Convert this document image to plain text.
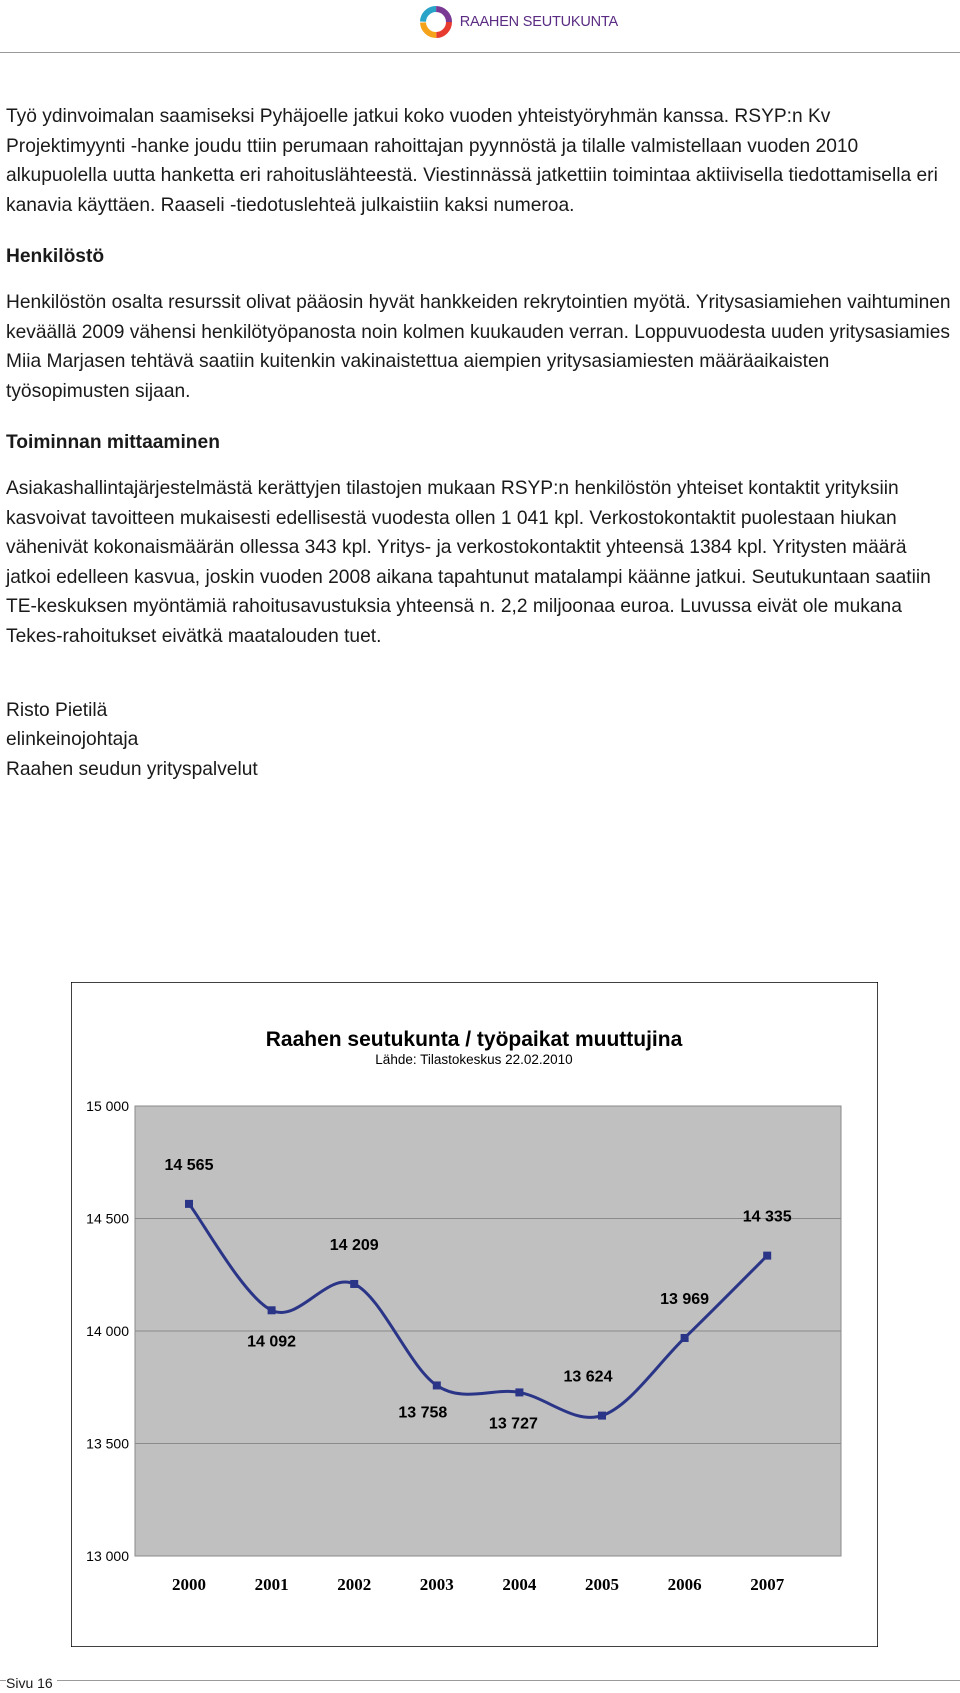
RAAHEN SEUTUKUNTA

Työ ydinvoimalan saamiseksi Pyhäjoelle jatkui koko vuoden yhteistyöryhmän kanssa. RSYP:n Kv Projektimyynti -hanke joudu ttiin perumaan rahoittajan pyynnöstä ja tilalle valmistellaan vuoden 2010 alkupuolella uutta hanketta eri rahoituslähteestä. Viestinnässä jatkettiin toimintaa aktiivisella tiedottamisella eri kanavia käyttäen. Raaseli -tiedotuslehteä julkaistiin kaksi numeroa.

Henkilöstö

Henkilöstön osalta resurssit olivat pääosin hyvät hankkeiden rekrytointien myötä. Yritysasiamiehen vaihtuminen keväällä 2009 vähensi henkilötyöpanosta noin kolmen kuukauden verran. Loppuvuodesta uuden yritysasiamies Miia Marjasen tehtävä saatiin kuitenkin vakinaistettua aiempien yritysasiamiesten määräaikaisten työsopimusten sijaan.

Toiminnan mittaaminen

Asiakashallintajärjestelmästä kerättyjen tilastojen mukaan RSYP:n henkilöstön yhteiset kontaktit yrityksiin kasvoivat tavoitteen mukaisesti edellisestä vuodesta ollen 1 041 kpl. Verkostokontaktit puolestaan hiukan vähenivät kokonaismäärän ollessa 343 kpl. Yritys- ja verkostokontaktit yhteensä 1384 kpl. Yritysten määrä jatkoi edelleen kasvua, joskin vuoden 2008 aikana tapahtunut matalampi käänne jatkui. Seutukuntaan saatiin TE-keskuksen myöntämiä rahoitusavustuksia yhteensä n. 2,2 miljoonaa euroa. Luvussa eivät ole mukana Tekes-rahoitukset eivätkä maatalouden tuet.

Risto Pietilä

elinkeinojohtaja

Raahen seudun yrityspalvelut

Raahen seutukunta / työpaikat muuttujina
Lähde: Tilastokeskus 22.02.2010
13 000
13 500
14 000
14 500
15 000
2000	2001	2002	2003	2004	2005	2006	2007
14 565
14 092
14 209
13 758
13 727
13 624
13 969
14 335
Sivu 16
